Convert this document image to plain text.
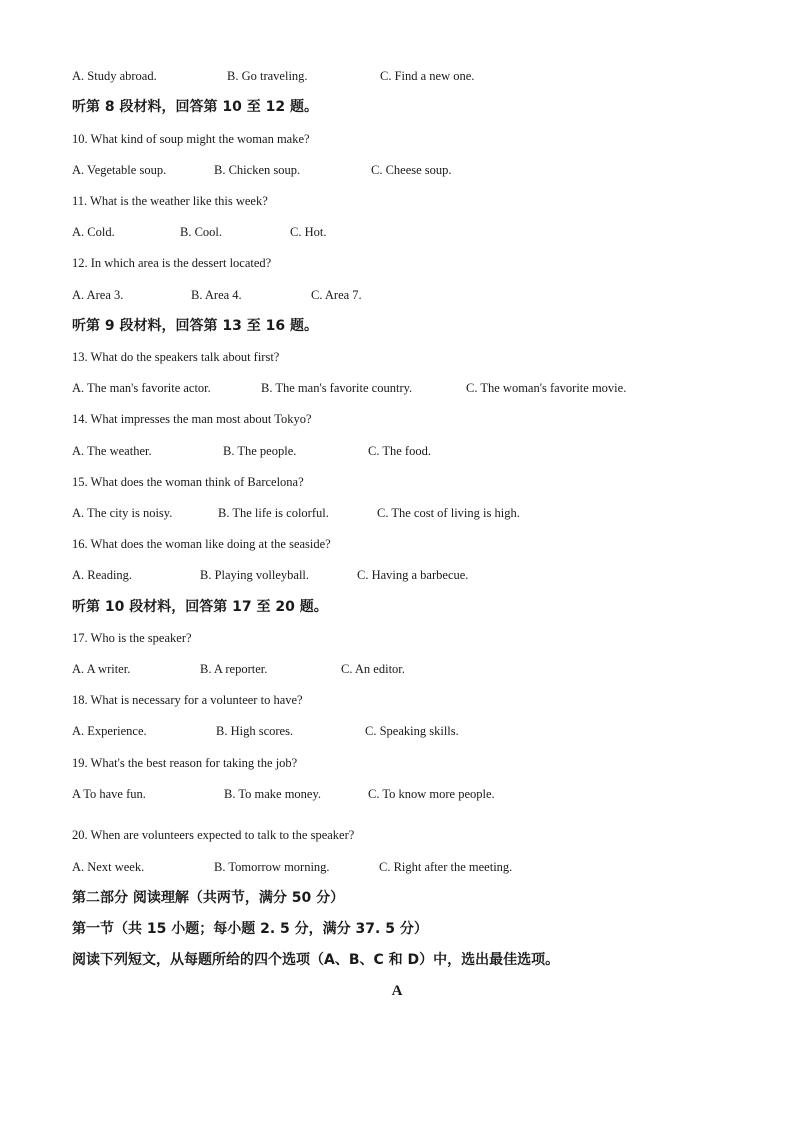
A. Study abroad.	B. Go traveling.	C. Find a new one.
听第 8 段材料，回答第 10 至 12 题。
10. What kind of soup might the woman make?
A. Vegetable soup.	B. Chicken soup.	C. Cheese soup.
11. What is the weather like this week?
A. Cold.	B. Cool.	C. Hot.
12. In which area is the dessert located?
A. Area 3.	B. Area 4.	C. Area 7.
听第 9 段材料，回答第 13 至 16 题。
13. What do the speakers talk about first?
A. The man's favorite actor.	B. The man's favorite country.	C. The woman's favorite movie.
14. What impresses the man most about Tokyo?
A. The weather.	B. The people.	C. The food.
15. What does the woman think of Barcelona?
A. The city is noisy.	B. The life is colorful.	C. The cost of living is high.
16. What does the woman like doing at the seaside?
A. Reading.	B. Playing volleyball.	C. Having a barbecue.
听第 10 段材料，回答第 17 至 20 题。
17. Who is the speaker?
A. A writer.	B. A reporter.	C. An editor.
18. What is necessary for a volunteer to have?
A. Experience.	B. High scores.	C. Speaking skills.
19. What's the best reason for taking the job?
A To have fun.	B. To make money.	C. To know more people.
20. When are volunteers expected to talk to the speaker?
A. Next week.	B. Tomorrow morning.	C. Right after the meeting.
第二部分 阅读理解（共两节，满分 50 分）
第一节（共 15 小题；每小题 2. 5 分，满分 37. 5 分）
阅读下列短文，从每题所给的四个选项（A、B、C 和 D）中，选出最佳选项。
A
